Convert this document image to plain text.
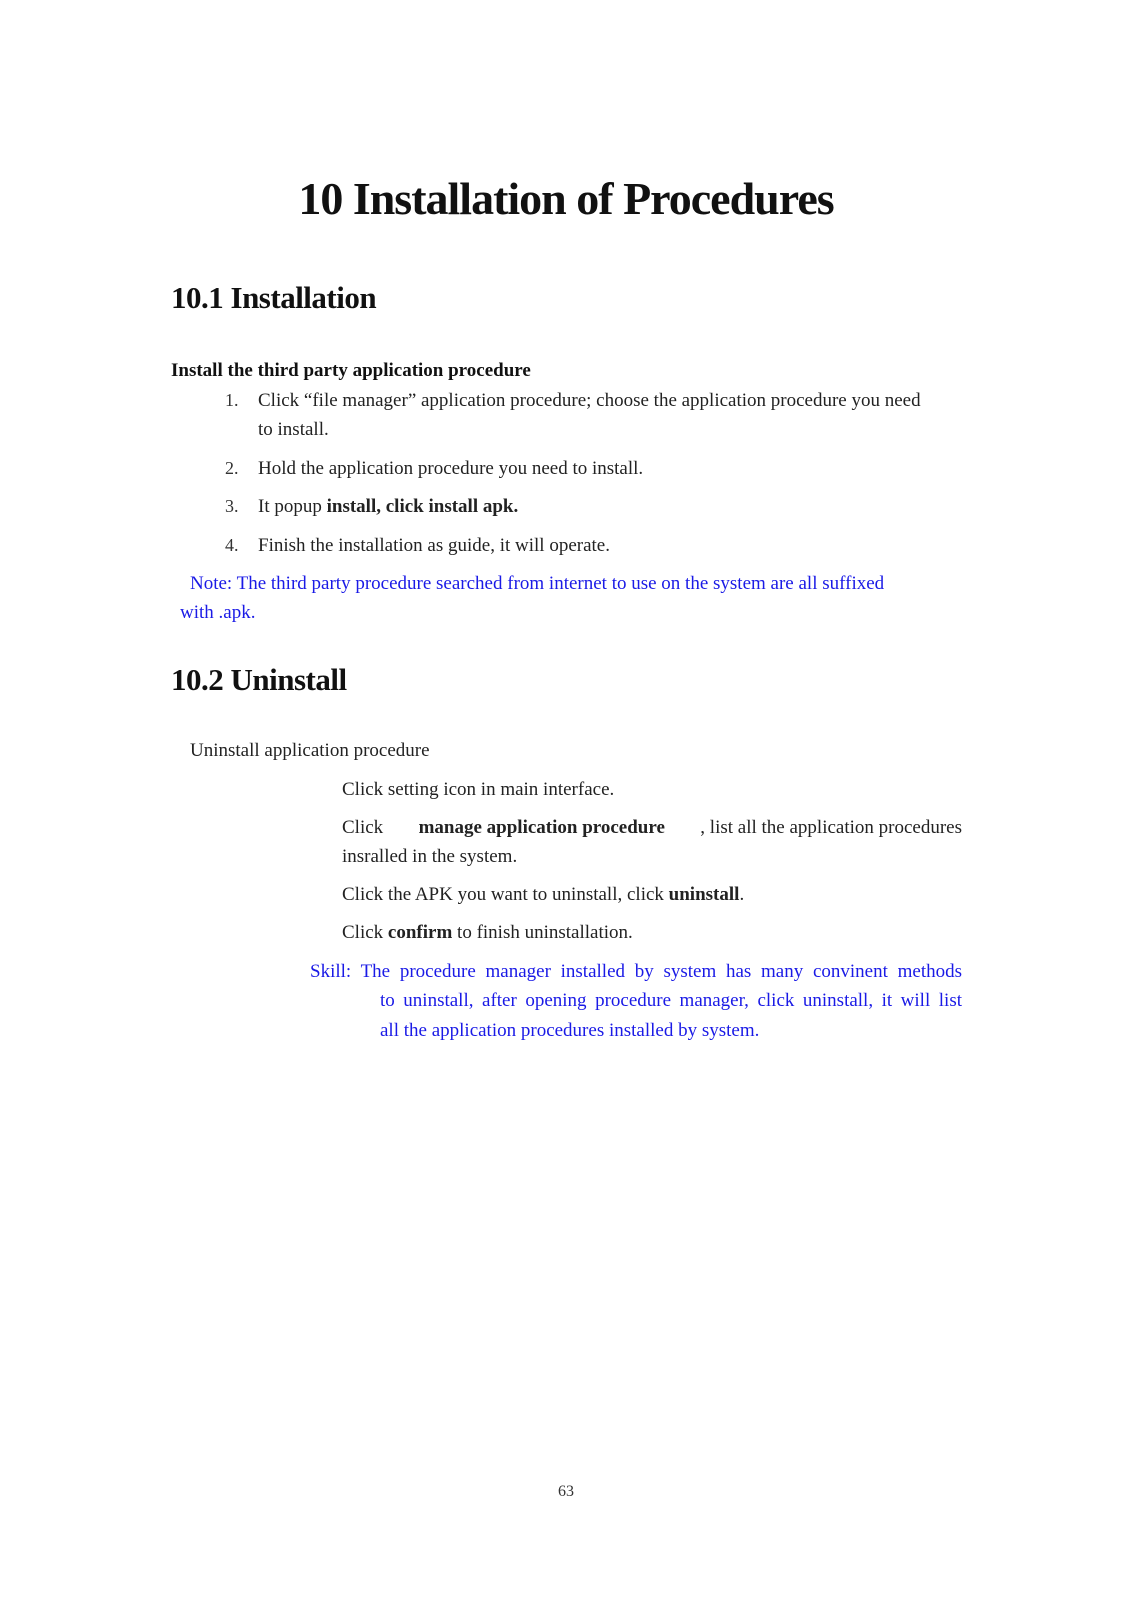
10 Installation of Procedures
10.1 Installation
Install the third party application procedure
1. Click “file manager” application procedure; choose the application procedure you need
to install.
2. Hold the application procedure you need to install.
3. It popup install, click install apk.
4. Finish the installation as guide, it will operate.
Note: The third party procedure searched from internet to use on the system are all suffixed
with .apk.
10.2 Uninstall
Uninstall application procedure
Click setting icon in main interface.
Click manage application procedure , list all the application procedures
insralled in the system.
Click the APK you want to uninstall, click uninstall.
Click confirm to finish uninstallation.
Skill: The procedure manager installed by system has many convinent methods
to uninstall, after opening procedure manager, click uninstall, it will list
all the application procedures installed by system.
63
